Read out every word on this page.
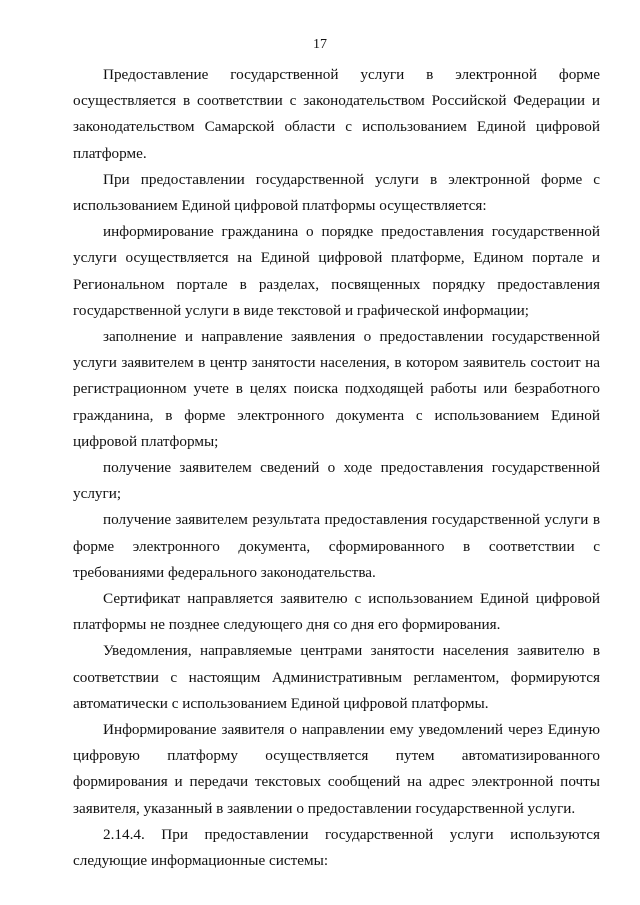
17

Предоставление государственной услуги в электронной форме осуществляется в соответствии с законодательством Российской Федерации и законодательством Самарской области с использованием Единой цифровой платформе.

При предоставлении государственной услуги в электронной форме с использованием Единой цифровой платформы осуществляется:

информирование гражданина о порядке предоставления государственной услуги осуществляется на Единой цифровой платформе, Едином портале и Региональном портале в разделах, посвященных порядку предоставления государственной услуги в виде текстовой и графической информации;

заполнение и направление заявления о предоставлении государственной услуги заявителем в центр занятости населения, в котором заявитель состоит на регистрационном учете в целях поиска подходящей работы или безработного гражданина, в форме электронного документа с использованием Единой цифровой платформы;

получение заявителем сведений о ходе предоставления государственной услуги;

получение заявителем результата предоставления государственной услуги в форме электронного документа, сформированного в соответствии с требованиями федерального законодательства.

Сертификат направляется заявителю с использованием Единой цифровой платформы не позднее следующего дня со дня его формирования.

Уведомления, направляемые центрами занятости населения заявителю в соответствии с настоящим Административным регламентом, формируются автоматически с использованием Единой цифровой платформы.

Информирование заявителя о направлении ему уведомлений через Единую цифровую платформу осуществляется путем автоматизированного формирования и передачи текстовых сообщений на адрес электронной почты заявителя, указанный в заявлении о предоставлении государственной услуги.

2.14.4. При предоставлении государственной услуги используются следующие информационные системы:
